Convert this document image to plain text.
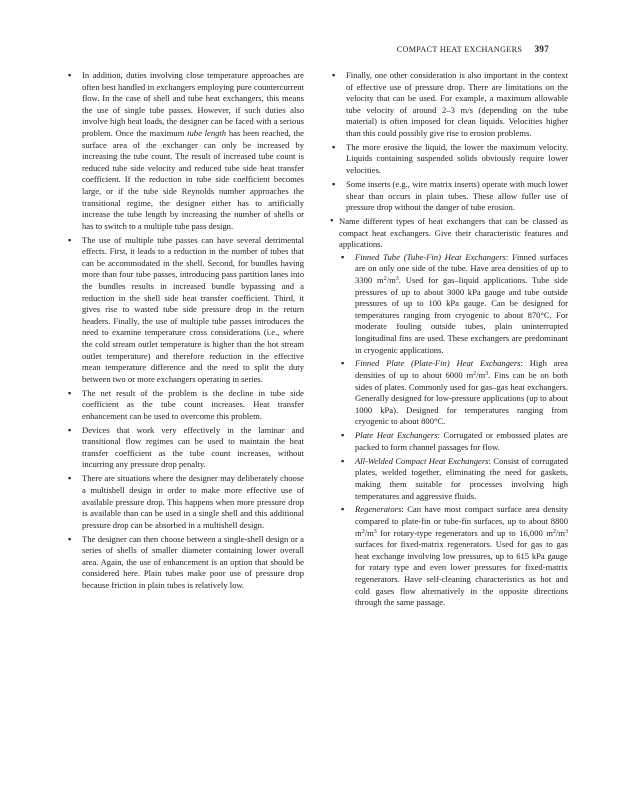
COMPACT HEAT EXCHANGERS 397
▪ In addition, duties involving close temperature approaches are often best handled in exchangers employing pure countercurrent flow. In the case of shell and tube heat exchangers, this means the use of single tube passes. However, if such duties also involve high heat loads, the designer can be faced with a serious problem. Once the maximum tube length has been reached, the surface area of the exchanger can only be increased by increasing the tube count. The result of increased tube count is reduced tube side velocity and reduced tube side heat transfer coefficient. If the reduction in tube side coefficient becomes large, or if the tube side Reynolds number approaches the transitional regime, the designer either has to artificially increase the tube length by increasing the number of shells or has to switch to a multiple tube pass design.
▪ The use of multiple tube passes can have several detrimental effects. First, it leads to a reduction in the number of tubes that can be accommodated in the shell. Second, for bundles having more than four tube passes, introducing pass partition lanes into the bundles results in increased bundle bypassing and a reduction in the shell side heat transfer coefficient. Third, it gives rise to wasted tube side pressure drop in the return headers. Finally, the use of multiple tube passes introduces the need to examine temperature cross considerations (i.e., where the cold stream outlet temperature is higher than the hot stream outlet temperature) and therefore reduction in the effective mean temperature difference and the need to split the duty between two or more exchangers operating in series.
▪ The net result of the problem is the decline in tube side coefficient as the tube count increases. Heat transfer enhancement can be used to overcome this problem.
▪ Devices that work very effectively in the laminar and transitional flow regimes can be used to maintain the heat transfer coefficient as the tube count increases, without incurring any pressure drop penalty.
▪ There are situations where the designer may deliberately choose a multishell design in order to make more effective use of available pressure drop. This happens when more pressure drop is available than can be used in a single shell and this additional pressure drop can be absorbed in a multishell design.
▪ The designer can then choose between a single-shell design or a series of shells of smaller diameter containing lower overall area. Again, the use of enhancement is an option that should be considered here. Plain tubes make poor use of pressure drop because friction in plain tubes is relatively low.
▪ Finally, one other consideration is also important in the context of effective use of pressure drop. There are limitations on the velocity that can be used. For example, a maximum allowable tube velocity of around 2–3 m/s (depending on the tube material) is often imposed for clean liquids. Velocities higher than this could possibly give rise to erosion problems.
▪ The more erosive the liquid, the lower the maximum velocity. Liquids containing suspended solids obviously require lower velocities.
▪ Some inserts (e.g., wire matrix inserts) operate with much lower shear than occurs in plain tubes. These allow fuller use of pressure drop without the danger of tube erosion.
• Name different types of heat exchangers that can be classed as compact heat exchangers. Give their characteristic features and applications.
▪ Finned Tube (Tube-Fin) Heat Exchangers: Finned surfaces are on only one side of the tube. Have area densities of up to 3300 $m^2/m^3$. Used for gas–liquid applications. Tube side pressures of up to about 3000 kPa gauge and tube outside pressures of up to 100 kPa gauge. Can be designed for temperatures ranging from cryogenic to about 870°C. For moderate fouling outside tubes, plain uninterrupted longitudinal fins are used. These exchangers are predominant in cryogenic applications.
▪ Finned Plate (Plate-Fin) Heat Exchangers: High area densities of up to about 6000 $m^2/m^3$. Fins can be on both sides of plates. Commonly used for gas–gas heat exchangers. Generally designed for low-pressure applications (up to about 1000 kPa). Designed for temperatures ranging from cryogenic to about 800°C.
▪ Plate Heat Exchangers: Corrugated or embossed plates are packed to form channel passages for flow.
▪ All-Welded Compact Heat Exchangers: Consist of corrugated plates, welded together, eliminating the need for gaskets, making them suitable for processes involving high temperatures and aggressive fluids.
▪ Regenerators: Can have most compact surface area density compared to plate-fin or tube-fin surfaces, up to about 8800 $m^2/m^3$ for rotary-type regenerators and up to 16,000 $m^2/m^3$ surfaces for fixed-matrix regenerators. Used for gas to gas heat exchange involving low pressures, up to 615 kPa gauge for rotary type and even lower pressures for fixed-matrix regenerators. Have self-cleaning characteristics as hot and cold gases flow alternatively in the opposite directions through the same passage.
